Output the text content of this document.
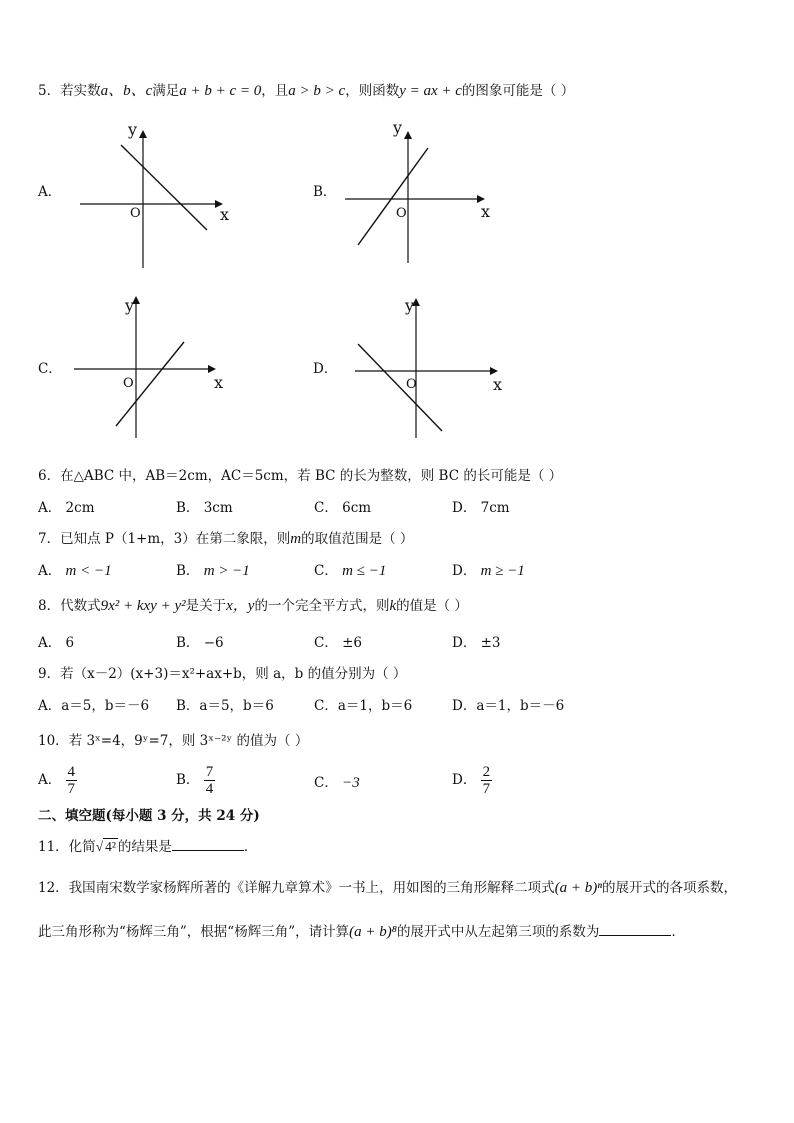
5．若实数a、b、c满足a + b + c = 0，且a > b > c，则函数y = ax + c的图象可能是（ ）
A．
y
x
O
B．
y
x
O
C．
y
x
O
D．
y
x
O
6．在△ABC 中，AB＝2cm，AC＝5cm，若 BC 的长为整数，则 BC 的长可能是（ ）
A． 2cm	B． 3cm	C． 6cm	D． 7cm
7．已知点 P（1+m，3）在第二象限，则m的取值范围是（ ）
A． m < −1	B． m > −1	C． m ≤ −1	D． m ≥ −1
8．代数式9x² + kxy + y²是关于x，y的一个完全平方式，则k的值是（ ）
A． 6	B． −6	C． ±6	D． ±3
9．若（x－2）(x+3)＝x²+ax+b，则 a，b 的值分别为（ ）
A．a＝5，b＝－6 B．a＝5，b＝6	C．a＝1，b＝6	D．a＝1，b＝－6
10．若 3ˣ=4，9ʸ=7，则 3ˣ⁻²ʸ 的值为（ ）
A． $\frac{4}{7}$	B． $\frac{7}{4}$	C． −3	D． $\frac{2}{7}$
二、填空题(每小题 3 分，共 24 分)
11．化简√ 4² 的结果是	．
12．我国南宋数学家杨辉所著的《详解九章算术》一书上，用如图的三角形解释二项式(a + b)ⁿ的展开式的各项系数，
此三角形称为“杨辉三角”，根据“杨辉三角”，请计算(a + b)⁸的展开式中从左起第三项的系数为	．
